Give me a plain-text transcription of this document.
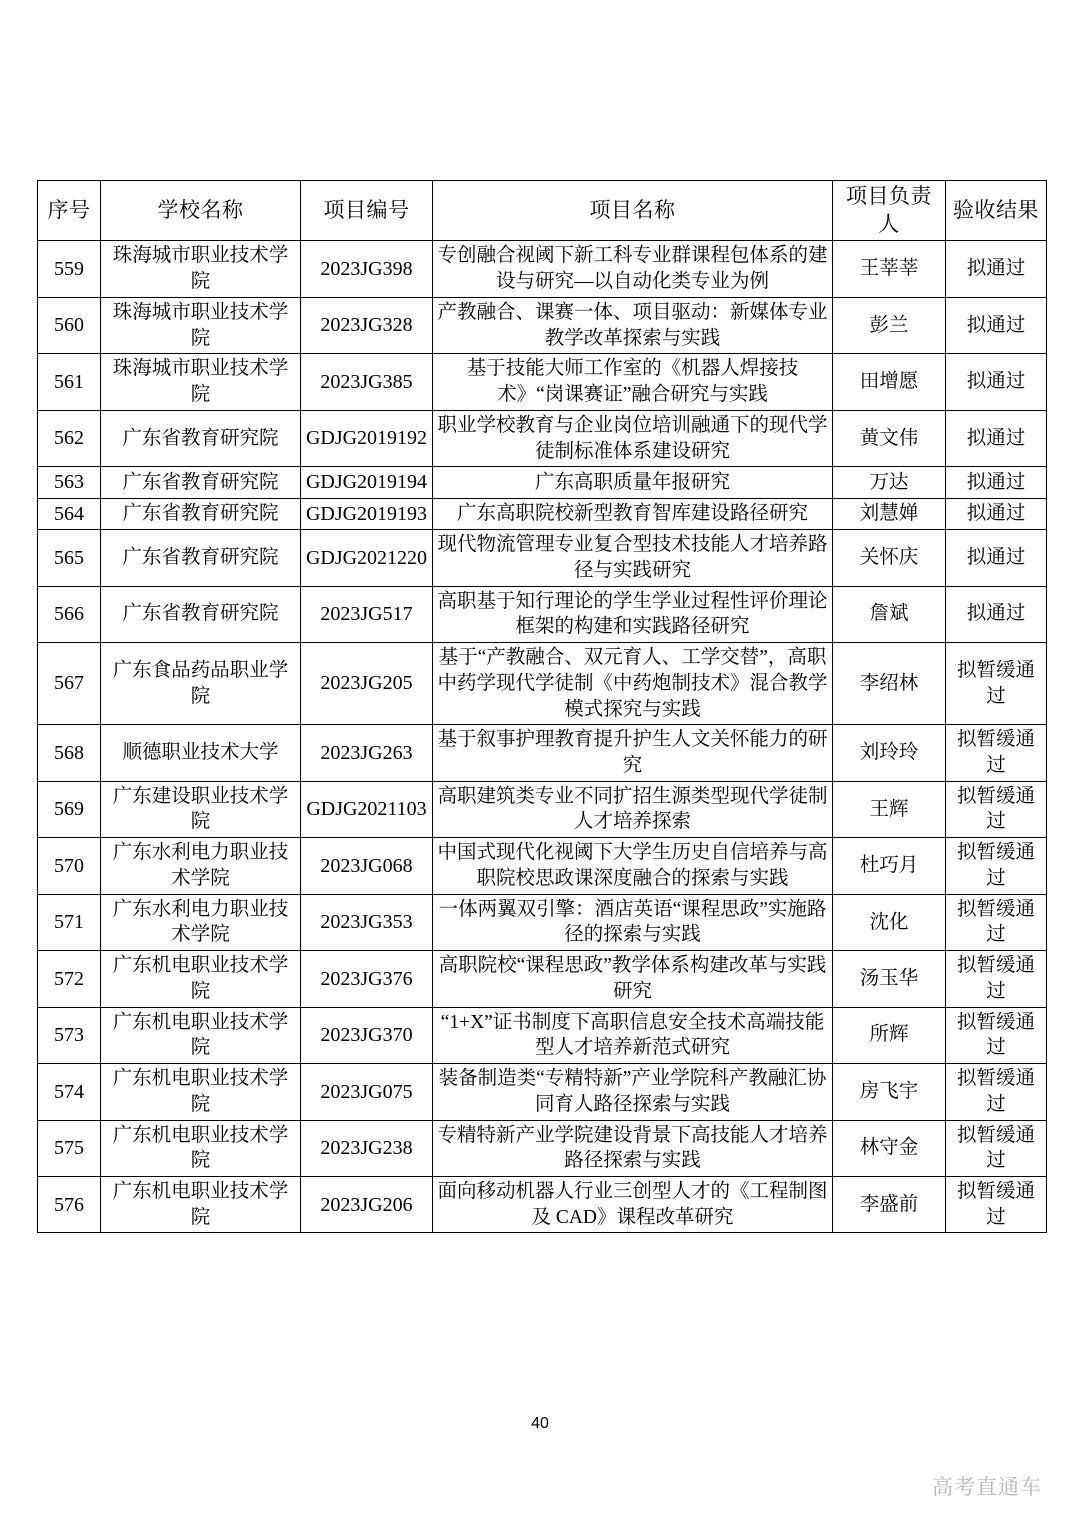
序号	学校名称	项目编号	项目名称	项目负责人	验收结果
559	珠海城市职业技术学院	2023JG398	专创融合视阈下新工科专业群课程包体系的建设与研究—以自动化类专业为例	王莘莘	拟通过
560	珠海城市职业技术学院	2023JG328	产教融合、课赛一体、项目驱动：新媒体专业教学改革探索与实践	彭兰	拟通过
561	珠海城市职业技术学院	2023JG385	基于技能大师工作室的《机器人焊接技术》“岗课赛证”融合研究与实践	田增愿	拟通过
562	广东省教育研究院	GDJG2019192	职业学校教育与企业岗位培训融通下的现代学徒制标准体系建设研究	黄文伟	拟通过
563	广东省教育研究院	GDJG2019194	广东高职质量年报研究	万达	拟通过
564	广东省教育研究院	GDJG2019193	广东高职院校新型教育智库建设路径研究	刘慧婵	拟通过
565	广东省教育研究院	GDJG2021220	现代物流管理专业复合型技术技能人才培养路径与实践研究	关怀庆	拟通过
566	广东省教育研究院	2023JG517	高职基于知行理论的学生学业过程性评价理论框架的构建和实践路径研究	詹斌	拟通过
567	广东食品药品职业学院	2023JG205	基于“产教融合、双元育人、工学交替”，高职中药学现代学徒制《中药炮制技术》混合教学模式探究与实践	李绍林	拟暂缓通过
568	顺德职业技术大学	2023JG263	基于叙事护理教育提升护生人文关怀能力的研究	刘玲玲	拟暂缓通过
569	广东建设职业技术学院	GDJG2021103	高职建筑类专业不同扩招生源类型现代学徒制人才培养探索	王辉	拟暂缓通过
570	广东水利电力职业技术学院	2023JG068	中国式现代化视阈下大学生历史自信培养与高职院校思政课深度融合的探索与实践	杜巧月	拟暂缓通过
571	广东水利电力职业技术学院	2023JG353	一体两翼双引擎：酒店英语“课程思政”实施路径的探索与实践	沈化	拟暂缓通过
572	广东机电职业技术学院	2023JG376	高职院校“课程思政”教学体系构建改革与实践研究	汤玉华	拟暂缓通过
573	广东机电职业技术学院	2023JG370	“1+X”证书制度下高职信息安全技术高端技能型人才培养新范式研究	所辉	拟暂缓通过
574	广东机电职业技术学院	2023JG075	装备制造类“专精特新”产业学院科产教融汇协同育人路径探索与实践	房飞宇	拟暂缓通过
575	广东机电职业技术学院	2023JG238	专精特新产业学院建设背景下高技能人才培养路径探索与实践	林守金	拟暂缓通过
576	广东机电职业技术学院	2023JG206	面向移动机器人行业三创型人才的《工程制图及 CAD》课程改革研究	李盛前	拟暂缓通过
40
高考直通车
